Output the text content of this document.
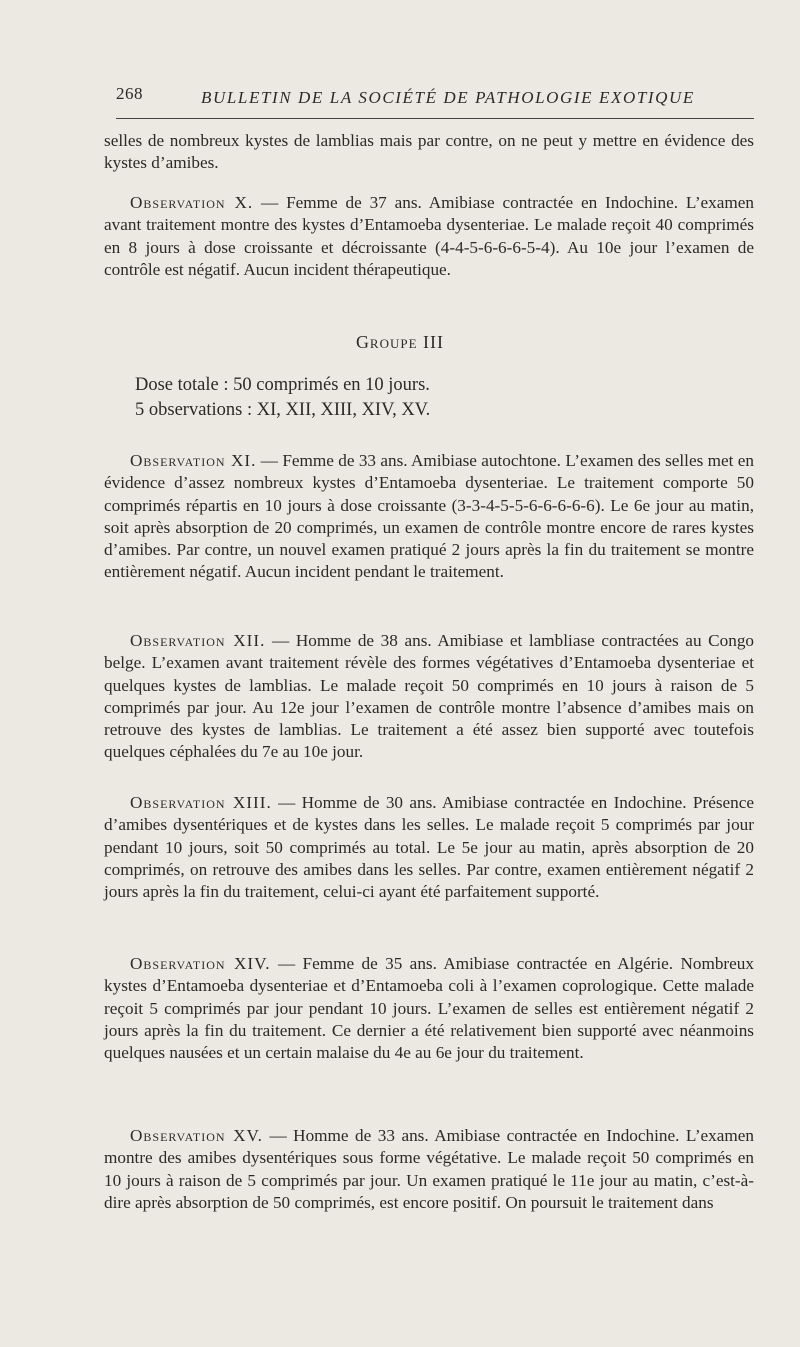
268	BULLETIN DE LA SOCIÉTÉ DE PATHOLOGIE EXOTIQUE

selles de nombreux kystes de lamblias mais par contre, on ne peut y mettre en évidence des kystes d’amibes.

Observation X. — Femme de 37 ans. Amibiase contractée en Indochine. L’examen avant traitement montre des kystes d’Entamoeba dysenteriae. Le malade reçoit 40 comprimés en 8 jours à dose croissante et décroissante (4-4-5-6-6-6-5-4). Au 10e jour l’examen de contrôle est négatif. Aucun incident thérapeutique.

Groupe III
Dose totale : 50 comprimés en 10 jours.
5 observations : XI, XII, XIII, XIV, XV.

Observation XI. — Femme de 33 ans. Amibiase autochtone. L’examen des selles met en évidence d’assez nombreux kystes d’Entamoeba dysenteriae. Le traitement comporte 50 comprimés répartis en 10 jours à dose croissante (3-3-4-5-5-6-6-6-6-6). Le 6e jour au matin, soit après absorption de 20 comprimés, un examen de contrôle montre encore de rares kystes d’amibes. Par contre, un nouvel examen pratiqué 2 jours après la fin du traitement se montre entièrement négatif. Aucun incident pendant le traitement.

Observation XII. — Homme de 38 ans. Amibiase et lambliase contractées au Congo belge. L’examen avant traitement révèle des formes végétatives d’Entamoeba dysenteriae et quelques kystes de lamblias. Le malade reçoit 50 comprimés en 10 jours à raison de 5 comprimés par jour. Au 12e jour l’examen de contrôle montre l’absence d’amibes mais on retrouve des kystes de lamblias. Le traitement a été assez bien supporté avec toutefois quelques céphalées du 7e au 10e jour.

Observation XIII. — Homme de 30 ans. Amibiase contractée en Indochine. Présence d’amibes dysentériques et de kystes dans les selles. Le malade reçoit 5 comprimés par jour pendant 10 jours, soit 50 comprimés au total. Le 5e jour au matin, après absorption de 20 comprimés, on retrouve des amibes dans les selles. Par contre, examen entièrement négatif 2 jours après la fin du traitement, celui-ci ayant été parfaitement supporté.

Observation XIV. — Femme de 35 ans. Amibiase contractée en Algérie. Nombreux kystes d’Entamoeba dysenteriae et d’Entamoeba coli à l’examen coprologique. Cette malade reçoit 5 comprimés par jour pendant 10 jours. L’examen de selles est entièrement négatif 2 jours après la fin du traitement. Ce dernier a été relativement bien supporté avec néanmoins quelques nausées et un certain malaise du 4e au 6e jour du traitement.

Observation XV. — Homme de 33 ans. Amibiase contractée en Indochine. L’examen montre des amibes dysentériques sous forme végétative. Le malade reçoit 50 comprimés en 10 jours à raison de 5 comprimés par jour. Un examen pratiqué le 11e jour au matin, c’est-à-dire après absorption de 50 comprimés, est encore positif. On poursuit le traitement dans
